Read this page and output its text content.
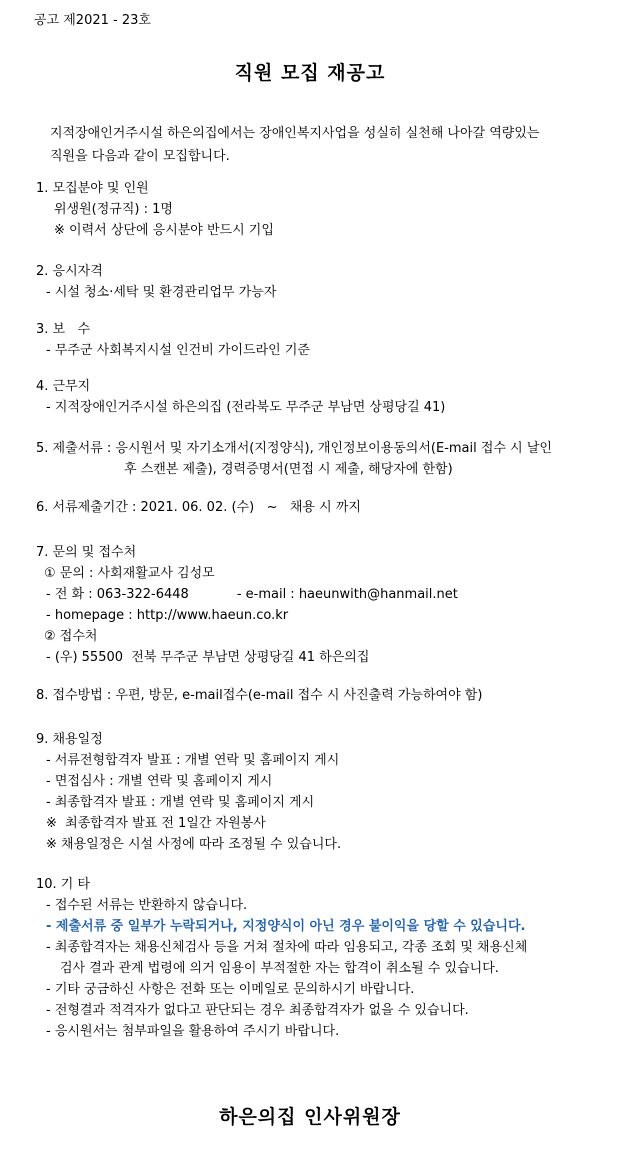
공고 제2021 - 23호
직원 모집 재공고
지적장애인거주시설 하은의집에서는 장애인복지사업을 성실히 실천해 나아갈 역량있는
직원을 다음과 같이 모집합니다.
1. 모집분야 및 인원
위생원(정규직) : 1명
※ 이력서 상단에 응시분야 반드시 기입
2. 응시자격
- 시설 청소·세탁 및 환경관리업무 가능자
3. 보   수
- 무주군 사회복지시설 인건비 가이드라인 기준
4. 근무지
- 지적장애인거주시설 하은의집 (전라북도 무주군 부남면 상평당길 41)
5. 제출서류 : 응시원서 및 자기소개서(지정양식), 개인정보이용동의서(E-mail 접수 시 날인
후 스캔본 제출), 경력증명서(면접 시 제출, 해당자에 한함)
6. 서류제출기간 : 2021. 06. 02. (수)   ~   채용 시 까지
7. 문의 및 접수처
① 문의 : 사회재활교사 김성모
- 전 화 : 063-322-6448	- e-mail : haeunwith@hanmail.net
- homepage : http://www.haeun.co.kr
② 접수처
- (우) 55500  전북 무주군 부남면 상평당길 41 하은의집
8. 접수방법 : 우편, 방문, e-mail접수(e-mail 접수 시 사진출력 가능하여야 함)
9. 채용일정
- 서류전형합격자 발표 : 개별 연락 및 홈페이지 게시
- 면접심사 : 개별 연락 및 홈페이지 게시
- 최종합격자 발표 : 개별 연락 및 홈페이지 게시
※  최종합격자 발표 전 1일간 자원봉사
※ 채용일정은 시설 사정에 따라 조정될 수 있습니다.
10. 기 타
- 접수된 서류는 반환하지 않습니다.
- 제출서류 중 일부가 누락되거나, 지정양식이 아닌 경우 불이익을 당할 수 있습니다.
- 최종합격자는 채용신체검사 등을 거쳐 절차에 따라 임용되고, 각종 조회 및 채용신체
검사 결과 관계 법령에 의거 임용이 부적절한 자는 합격이 취소될 수 있습니다.
- 기타 궁금하신 사항은 전화 또는 이메일로 문의하시기 바랍니다.
- 전형결과 적격자가 없다고 판단되는 경우 최종합격자가 없을 수 있습니다.
- 응시원서는 첨부파일을 활용하여 주시기 바랍니다.
하은의집 인사위원장
